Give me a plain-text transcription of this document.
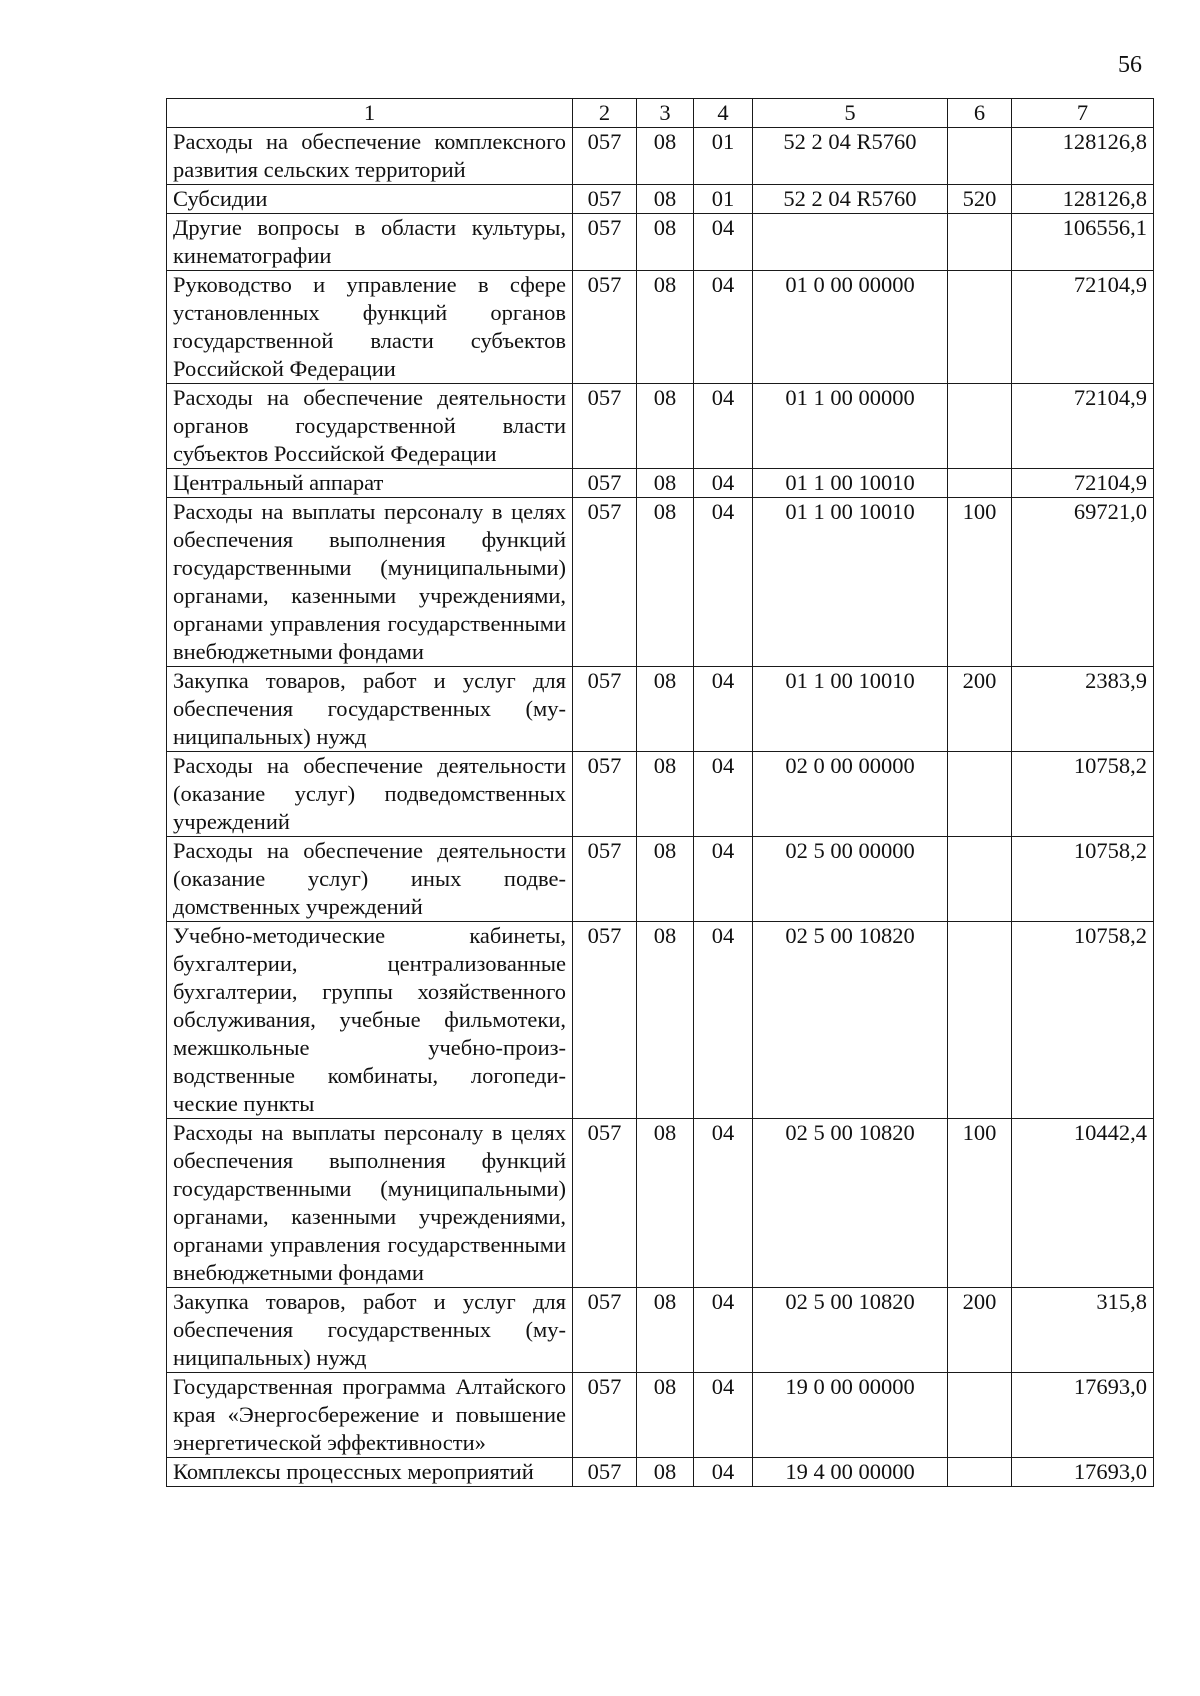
56
1	2	3	4	5	6	7
Расходы на обеспечение комплексного развития сельских территорий	057	08	01	52 2 04 R5760		128126,8
Субсидии	057	08	01	52 2 04 R5760	520	128126,8
Другие вопросы в области культуры, кинематографии	057	08	04			106556,1
Руководство и управление в сфере установленных функций органов государственной власти субъектов Российской Федерации	057	08	04	01 0 00 00000		72104,9
Расходы на обеспечение деятельности органов государственной власти субъектов Российской Федерации	057	08	04	01 1 00 00000		72104,9
Центральный аппарат	057	08	04	01 1 00 10010		72104,9
Расходы на выплаты персоналу в целях обеспечения выполнения функций государственными (муниципальными) органами, казенными учреждениями, органами управления государственными внебюджетными фондами	057	08	04	01 1 00 10010	100	69721,0
Закупка товаров, работ и услуг для обеспечения государственных (муниципальных) нужд	057	08	04	01 1 00 10010	200	2383,9
Расходы на обеспечение деятельности (оказание услуг) подведомственных учреждений	057	08	04	02 0 00 00000		10758,2
Расходы на обеспечение деятельности (оказание услуг) иных подведомственных учреждений	057	08	04	02 5 00 00000		10758,2
Учебно-методические кабинеты, бухгалтерии, централизованные бухгалтерии, группы хозяйственного обслуживания, учебные фильмотеки, межшкольные учебно-производственные комбинаты, логопедические пункты	057	08	04	02 5 00 10820		10758,2
Расходы на выплаты персоналу в целях обеспечения выполнения функций государственными (муниципальными) органами, казенными учреждениями, органами управления государственными внебюджетными фондами	057	08	04	02 5 00 10820	100	10442,4
Закупка товаров, работ и услуг для обеспечения государственных (муниципальных) нужд	057	08	04	02 5 00 10820	200	315,8
Государственная программа Алтайского края «Энергосбережение и повышение энергетической эффективности»	057	08	04	19 0 00 00000		17693,0
Комплексы процессных мероприятий	057	08	04	19 4 00 00000		17693,0
